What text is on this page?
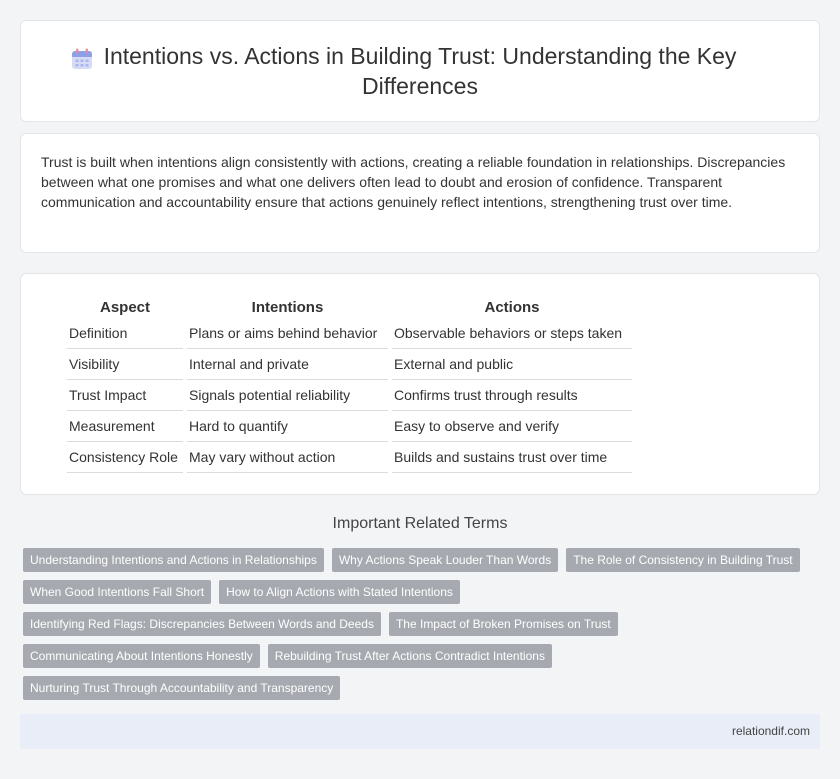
Intentions vs. Actions in Building Trust: Understanding the Key Differences

Trust is built when intentions align consistently with actions, creating a reliable foundation in relationships. Discrepancies between what one promises and what one delivers often lead to doubt and erosion of confidence. Transparent communication and accountability ensure that actions genuinely reflect intentions, strengthening trust over time.

Aspect	Intentions	Actions
Definition	Plans or aims behind behavior	Observable behaviors or steps taken
Visibility	Internal and private	External and public
Trust Impact	Signals potential reliability	Confirms trust through results
Measurement	Hard to quantify	Easy to observe and verify
Consistency Role	May vary without action	Builds and sustains trust over time
Important Related Terms
Understanding Intentions and Actions in Relationships	Why Actions Speak Louder Than Words	The Role of Consistency in Building Trust
When Good Intentions Fall Short	How to Align Actions with Stated Intentions
Identifying Red Flags: Discrepancies Between Words and Deeds	The Impact of Broken Promises on Trust
Communicating About Intentions Honestly	Rebuilding Trust After Actions Contradict Intentions
Nurturing Trust Through Accountability and Transparency
relationdif.com
